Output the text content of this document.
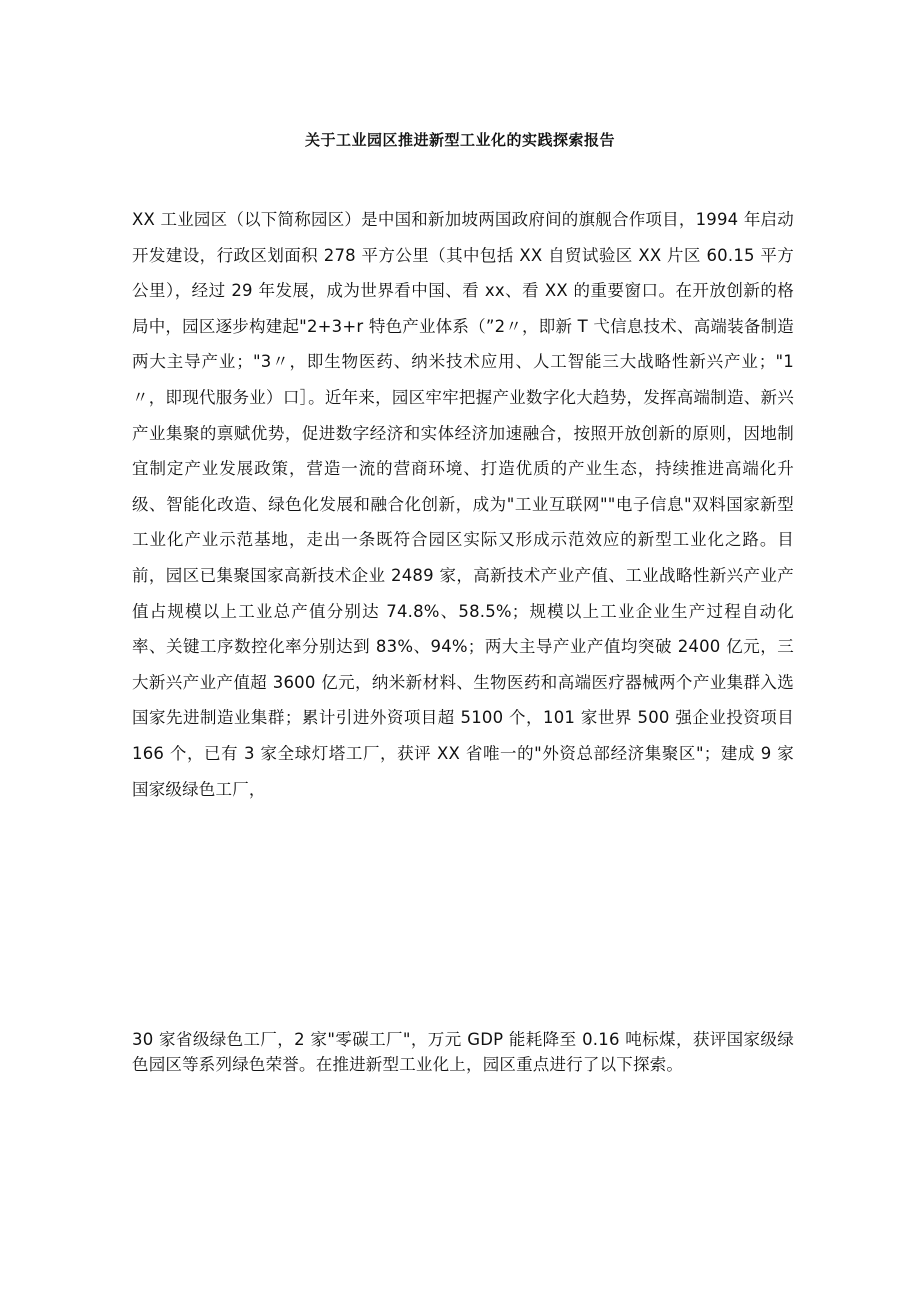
关于工业园区推进新型工业化的实践探索报告

XX 工业园区（以下简称园区）是中国和新加坡两国政府间的旗舰合作项目，1994 年启动开发建设，行政区划面积 278 平方公里（其中包括 XX 自贸试验区 XX 片区 60.15 平方公里），经过 29 年发展，成为世界看中国、看 xx、看 XX 的重要窗口。在开放创新的格局中，园区逐步构建起"2+3+r 特色产业体系（”2〃，即新 T 弋信息技术、高端装备制造两大主导产业；"3〃，即生物医药、纳米技术应用、人工智能三大战略性新兴产业；"1〃，即现代服务业）口］。近年来，园区牢牢把握产业数字化大趋势，发挥高端制造、新兴产业集聚的禀赋优势，促进数字经济和实体经济加速融合，按照开放创新的原则，因地制宜制定产业发展政策，营造一流的营商环境、打造优质的产业生态，持续推进高端化升级、智能化改造、绿色化发展和融合化创新，成为"工业互联网""电子信息"双料国家新型工业化产业示范基地，走出一条既符合园区实际又形成示范效应的新型工业化之路。目前，园区已集聚国家高新技术企业 2489 家，高新技术产业产值、工业战略性新兴产业产值占规模以上工业总产值分别达 74.8%、58.5%；规模以上工业企业生产过程自动化率、关键工序数控化率分别达到 83%、94%；两大主导产业产值均突破 2400 亿元，三大新兴产业产值超 3600 亿元，纳米新材料、生物医药和高端医疗器械两个产业集群入选国家先进制造业集群；累计引进外资项目超 5100 个，101 家世界 500 强企业投资项目 166 个，已有 3 家全球灯塔工厂，获评 XX 省唯一的"外资总部经济集聚区"；建成 9 家国家级绿色工厂，

30 家省级绿色工厂，2 家"零碳工厂"，万元 GDP 能耗降至 0.16 吨标煤，获评国家级绿色园区等系列绿色荣誉。在推进新型工业化上，园区重点进行了以下探索。
